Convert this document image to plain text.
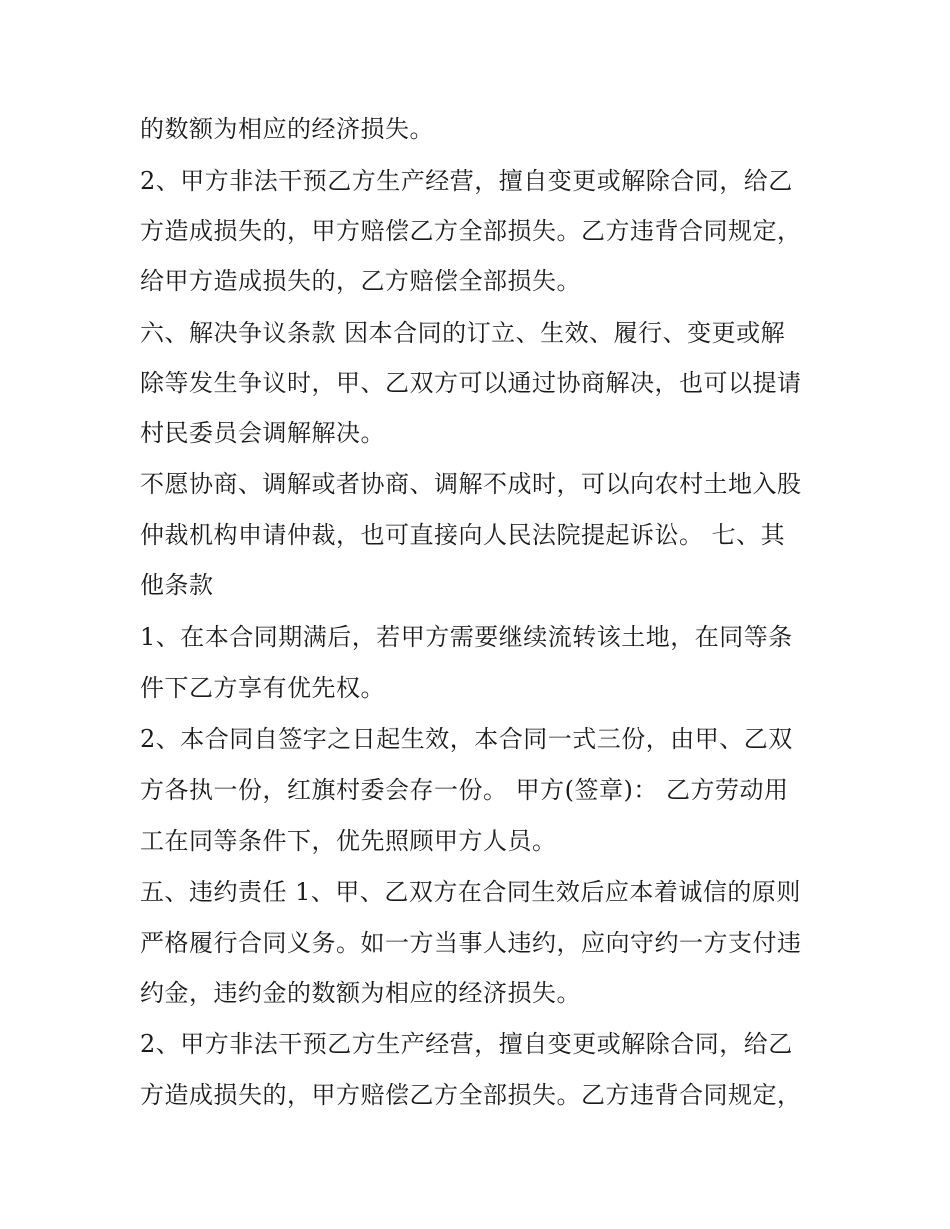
的数额为相应的经济损失。
2、甲方非法干预乙方生产经营，擅自变更或解除合同，给乙
方造成损失的，甲方赔偿乙方全部损失。乙方违背合同规定，
给甲方造成损失的，乙方赔偿全部损失。
六、解决争议条款 因本合同的订立、生效、履行、变更或解
除等发生争议时，甲、乙双方可以通过协商解决，也可以提请
村民委员会调解解决。
不愿协商、调解或者协商、调解不成时，可以向农村土地入股
仲裁机构申请仲裁，也可直接向人民法院提起诉讼。 七、其
他条款
1、在本合同期满后，若甲方需要继续流转该土地，在同等条
件下乙方享有优先权。
2、本合同自签字之日起生效，本合同一式三份，由甲、乙双
方各执一份，红旗村委会存一份。 甲方(签章)： 乙方劳动用
工在同等条件下，优先照顾甲方人员。
五、违约责任 1、甲、乙双方在合同生效后应本着诚信的原则
严格履行合同义务。如一方当事人违约，应向守约一方支付违
约金，违约金的数额为相应的经济损失。
2、甲方非法干预乙方生产经营，擅自变更或解除合同，给乙
方造成损失的，甲方赔偿乙方全部损失。乙方违背合同规定，
